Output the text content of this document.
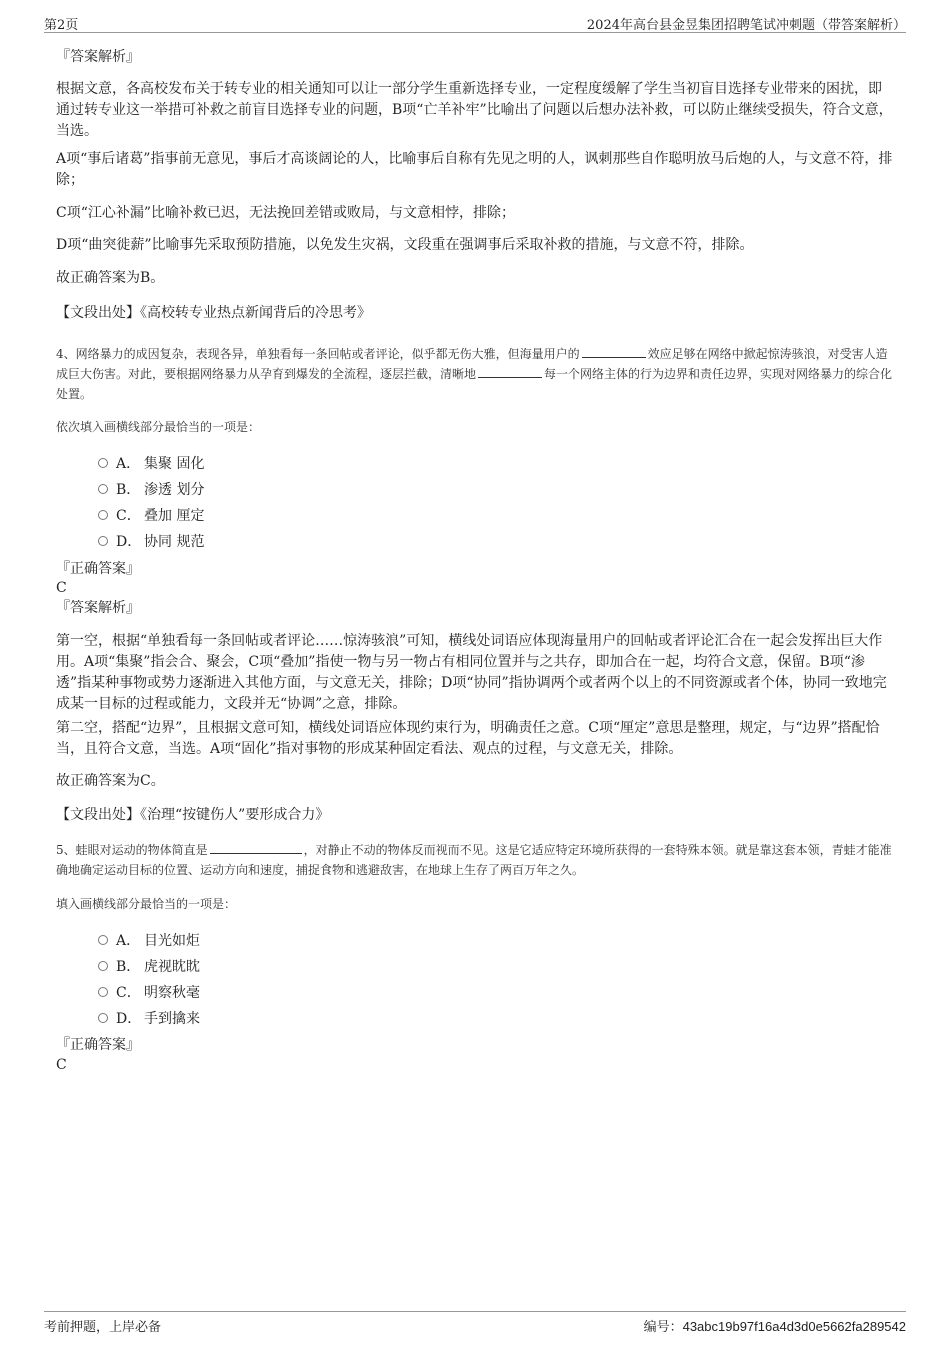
第2页	2024年高台县金昱集团招聘笔试冲刺题（带答案解析）
『答案解析』

根据文意，各高校发布关于转专业的相关通知可以让一部分学生重新选择专业，一定程度缓解了学生当初盲目选择专业带来的困扰，即通过转专业这一举措可补救之前盲目选择专业的问题，B项“亡羊补牢”比喻出了问题以后想办法补救，可以防止继续受损失，符合文意，当选。

A项“事后诸葛”指事前无意见，事后才高谈阔论的人，比喻事后自称有先见之明的人，讽刺那些自作聪明放马后炮的人，与文意不符，排除；

C项“江心补漏”比喻补救已迟，无法挽回差错或败局，与文意相悖，排除；

D项“曲突徙薪”比喻事先采取预防措施，以免发生灾祸，文段重在强调事后采取补救的措施，与文意不符，排除。

故正确答案为B。

【文段出处】《高校转专业热点新闻背后的冷思考》

4、网络暴力的成因复杂，表现各异，单独看每一条回帖或者评论，似乎都无伤大雅，但海量用户的	效应足够在网络中掀起惊涛骇浪，对受害人造成巨大伤害。对此，要根据网络暴力从孕育到爆发的全流程，逐层拦截，清晰地	每一个网络主体的行为边界和责任边界，实现对网络暴力的综合化处置。

依次填入画横线部分最恰当的一项是：
A． 集聚 固化
B． 渗透 划分
C． 叠加 厘定
D． 协同 规范
『正确答案』
C
『答案解析』

第一空，根据“单独看每一条回帖或者评论……惊涛骇浪”可知，横线处词语应体现海量用户的回帖或者评论汇合在一起会发挥出巨大作用。A项“集聚”指会合、聚会，C项“叠加”指使一物与另一物占有相同位置并与之共存，即加合在一起，均符合文意，保留。B项“渗透”指某种事物或势力逐渐进入其他方面，与文意无关，排除；D项“协同”指协调两个或者两个以上的不同资源或者个体，协同一致地完成某一目标的过程或能力，文段并无“协调”之意，排除。

第二空，搭配“边界”，且根据文意可知，横线处词语应体现约束行为，明确责任之意。C项“厘定”意思是整理，规定，与“边界”搭配恰当，且符合文意，当选。A项“固化”指对事物的形成某种固定看法、观点的过程，与文意无关，排除。

故正确答案为C。

【文段出处】《治理“按键伤人”要形成合力》

5、蛙眼对运动的物体简直是	，对静止不动的物体反而视而不见。这是它适应特定环境所获得的一套特殊本领。就是靠这套本领，青蛙才能准确地确定运动目标的位置、运动方向和速度，捕捉食物和逃避敌害，在地球上生存了两百万年之久。

填入画横线部分最恰当的一项是：
A． 目光如炬
B． 虎视眈眈
C． 明察秋毫
D． 手到擒来
『正确答案』
C
考前押题，上岸必备	编号：43abc19b97f16a4d3d0e5662fa289542
